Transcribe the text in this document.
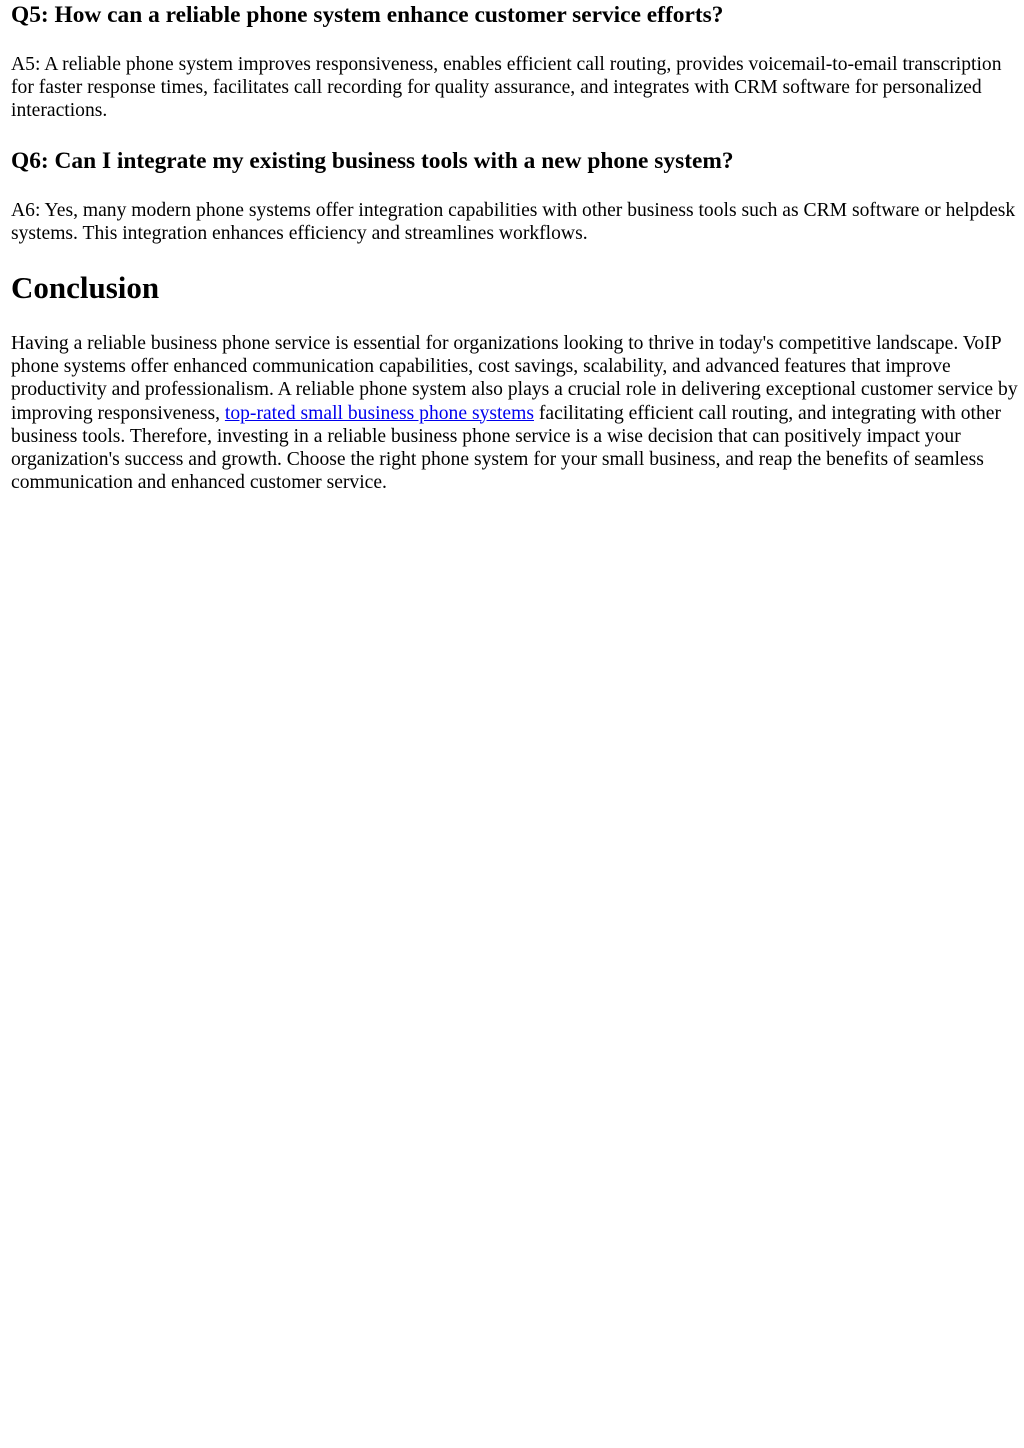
Q5: How can a reliable phone system enhance customer service efforts?

A5: A reliable phone system improves responsiveness, enables efficient call routing, provides voicemail-to-email transcription for faster response times, facilitates call recording for quality assurance, and integrates with CRM software for personalized interactions.

Q6: Can I integrate my existing business tools with a new phone system?

A6: Yes, many modern phone systems offer integration capabilities with other business tools such as CRM software or helpdesk systems. This integration enhances efficiency and streamlines workflows.

Conclusion

Having a reliable business phone service is essential for organizations looking to thrive in today's competitive landscape. VoIP phone systems offer enhanced communication capabilities, cost savings, scalability, and advanced features that improve productivity and professionalism. A reliable phone system also plays a crucial role in delivering exceptional customer service by improving responsiveness, top-rated small business phone systems facilitating efficient call routing, and integrating with other business tools. Therefore, investing in a reliable business phone service is a wise decision that can positively impact your organization's success and growth. Choose the right phone system for your small business, and reap the benefits of seamless communication and enhanced customer service.
